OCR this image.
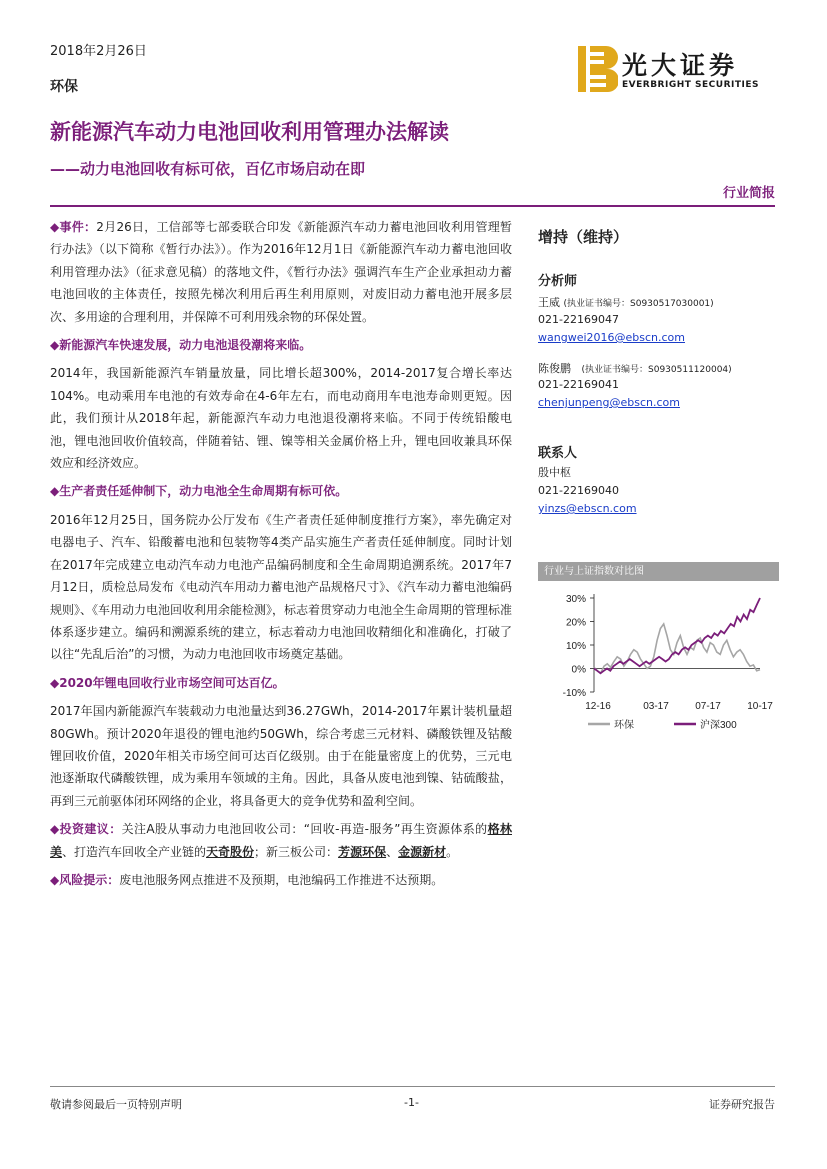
2018年2月26日
环保
光大证券
EVERBRIGHT SECURITIES
新能源汽车动力电池回收利用管理办法解读
——动力电池回收有标可依，百亿市场启动在即
行业简报

◆事件：2月26日，工信部等七部委联合印发《新能源汽车动力蓄电池回收利用管理暂行办法》（以下简称《暂行办法》）。作为2016年12月1日《新能源汽车动力蓄电池回收利用管理办法》（征求意见稿）的落地文件，《暂行办法》强调汽车生产企业承担动力蓄电池回收的主体责任，按照先梯次利用后再生利用原则，对废旧动力蓄电池开展多层次、多用途的合理利用，并保障不可利用残余物的环保处置。

◆新能源汽车快速发展，动力电池退役潮将来临。

2014年，我国新能源汽车销量放量，同比增长超300%，2014-2017复合增长率达104%。电动乘用车电池的有效寿命在4-6年左右，而电动商用车电池寿命则更短。因此，我们预计从2018年起，新能源汽车动力电池退役潮将来临。不同于传统铅酸电池，锂电池回收价值较高，伴随着钴、锂、镍等相关金属价格上升，锂电回收兼具环保效应和经济效应。

◆生产者责任延伸制下，动力电池全生命周期有标可依。

2016年12月25日，国务院办公厅发布《生产者责任延伸制度推行方案》，率先确定对电器电子、汽车、铅酸蓄电池和包装物等4类产品实施生产者责任延伸制度。同时计划在2017年完成建立电动汽车动力电池产品编码制度和全生命周期追溯系统。2017年7月12日，质检总局发布《电动汽车用动力蓄电池产品规格尺寸》、《汽车动力蓄电池编码规则》、《车用动力电池回收利用余能检测》，标志着贯穿动力电池全生命周期的管理标准体系逐步建立。编码和溯源系统的建立，标志着动力电池回收精细化和准确化，打破了以往“先乱后治”的习惯，为动力电池回收市场奠定基础。

◆2020年锂电回收行业市场空间可达百亿。

2017年国内新能源汽车装载动力电池量达到36.27GWh，2014-2017年累计装机量超80GWh。预计2020年退役的锂电池约50GWh，综合考虑三元材料、磷酸铁锂及钴酸锂回收价值，2020年相关市场空间可达百亿级别。由于在能量密度上的优势，三元电池逐渐取代磷酸铁锂，成为乘用车领域的主角。因此，具备从废电池到镍、钴硫酸盐，再到三元前驱体闭环网络的企业，将具备更大的竞争优势和盈利空间。

◆投资建议：关注A股从事动力电池回收公司：“回收-再造-服务”再生资源体系的格林美、打造汽车回收全产业链的天奇股份；新三板公司：芳源环保、金源新材。

◆风险提示：废电池服务网点推进不及预期，电池编码工作推进不达预期。

增持（维持）
分析师
王威 (执业证书编号：S0930517030001)
021-22169047
wangwei2016@ebscn.com
陈俊鹏 (执业证书编号：S0930511120004)
021-22169041
chenjunpeng@ebscn.com
联系人
殷中枢
021-22169040
yinzs@ebscn.com
行业与上证指数对比图
30%
20%
10%
0%
-10%
12-16	03-17	07-17	10-17
环保	沪深300
敬请参阅最后一页特别声明	-1-	证券研究报告
